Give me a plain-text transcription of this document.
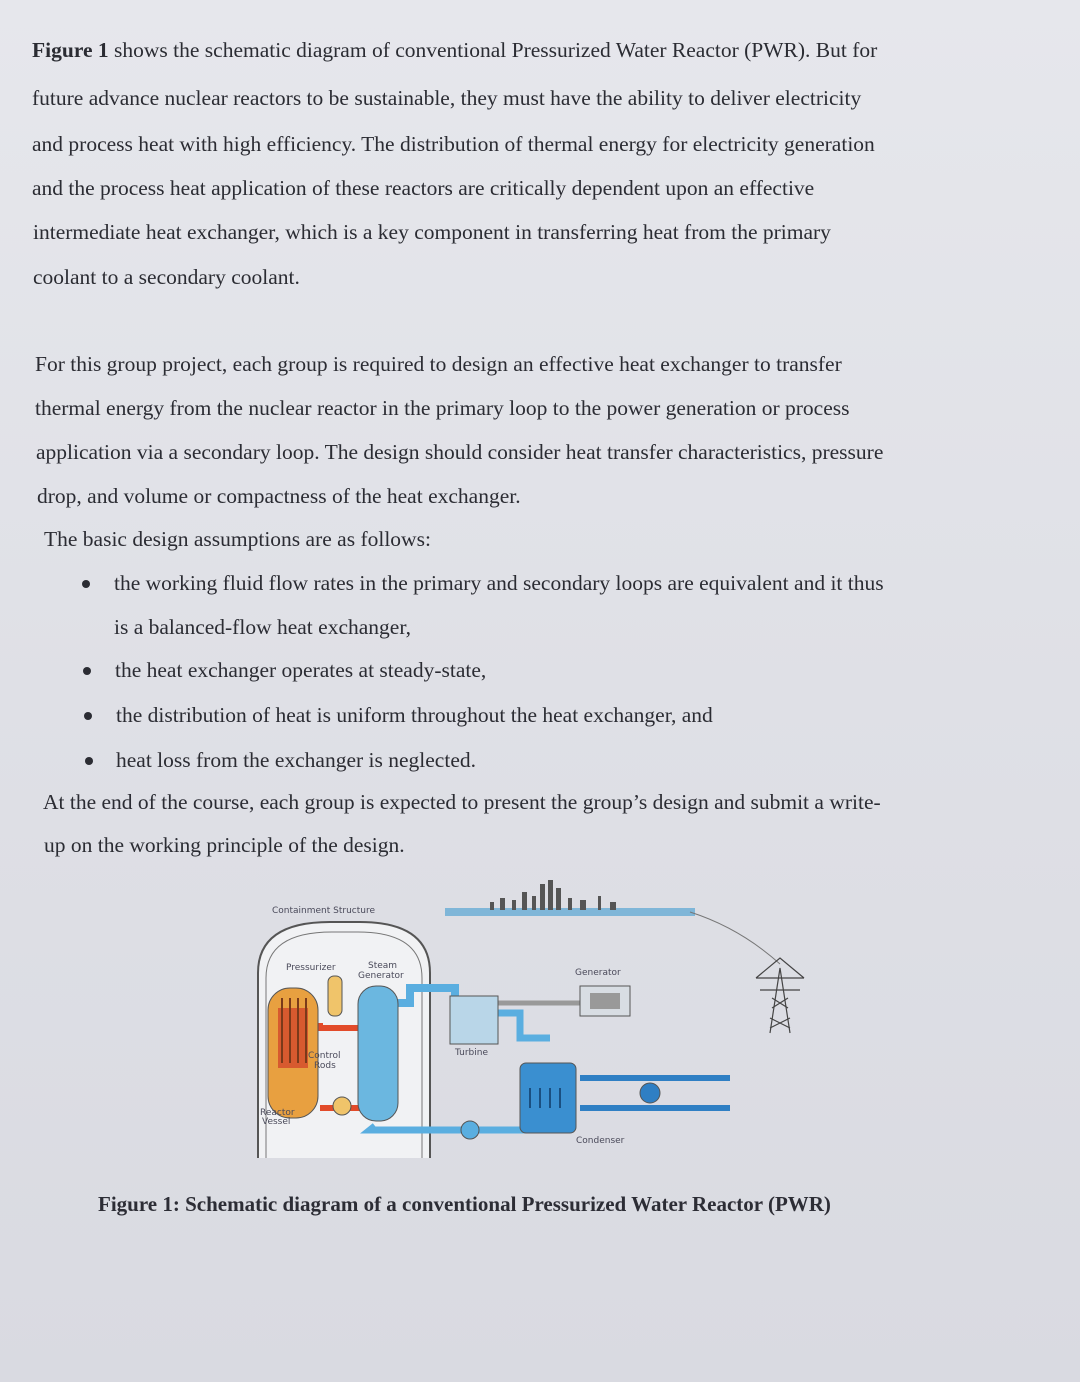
Figure 1 shows the schematic diagram of conventional Pressurized Water Reactor (PWR). But for
future advance nuclear reactors to be sustainable, they must have the ability to deliver electricity
and process heat with high efficiency. The distribution of thermal energy for electricity generation
and the process heat application of these reactors are critically dependent upon an effective
intermediate heat exchanger, which is a key component in transferring heat from the primary
coolant to a secondary coolant.
For this group project, each group is required to design an effective heat exchanger to transfer
thermal energy from the nuclear reactor in the primary loop to the power generation or process
application via a secondary loop. The design should consider heat transfer characteristics, pressure
drop, and volume or compactness of the heat exchanger.
The basic design assumptions are as follows:
the working fluid flow rates in the primary and secondary loops are equivalent and it thus
is a balanced-flow heat exchanger,
the heat exchanger operates at steady-state,
the distribution of heat is uniform throughout the heat exchanger, and
heat loss from the exchanger is neglected.
At the end of the course, each group is expected to present the group’s design and submit a write-
up on the working principle of the design.
Containment Structure
Control
Rods
Reactor
Vessel
Pressurizer	Steam
Generator
Turbine
Generator
Condenser
Figure 1: Schematic diagram of a conventional Pressurized Water Reactor (PWR)
